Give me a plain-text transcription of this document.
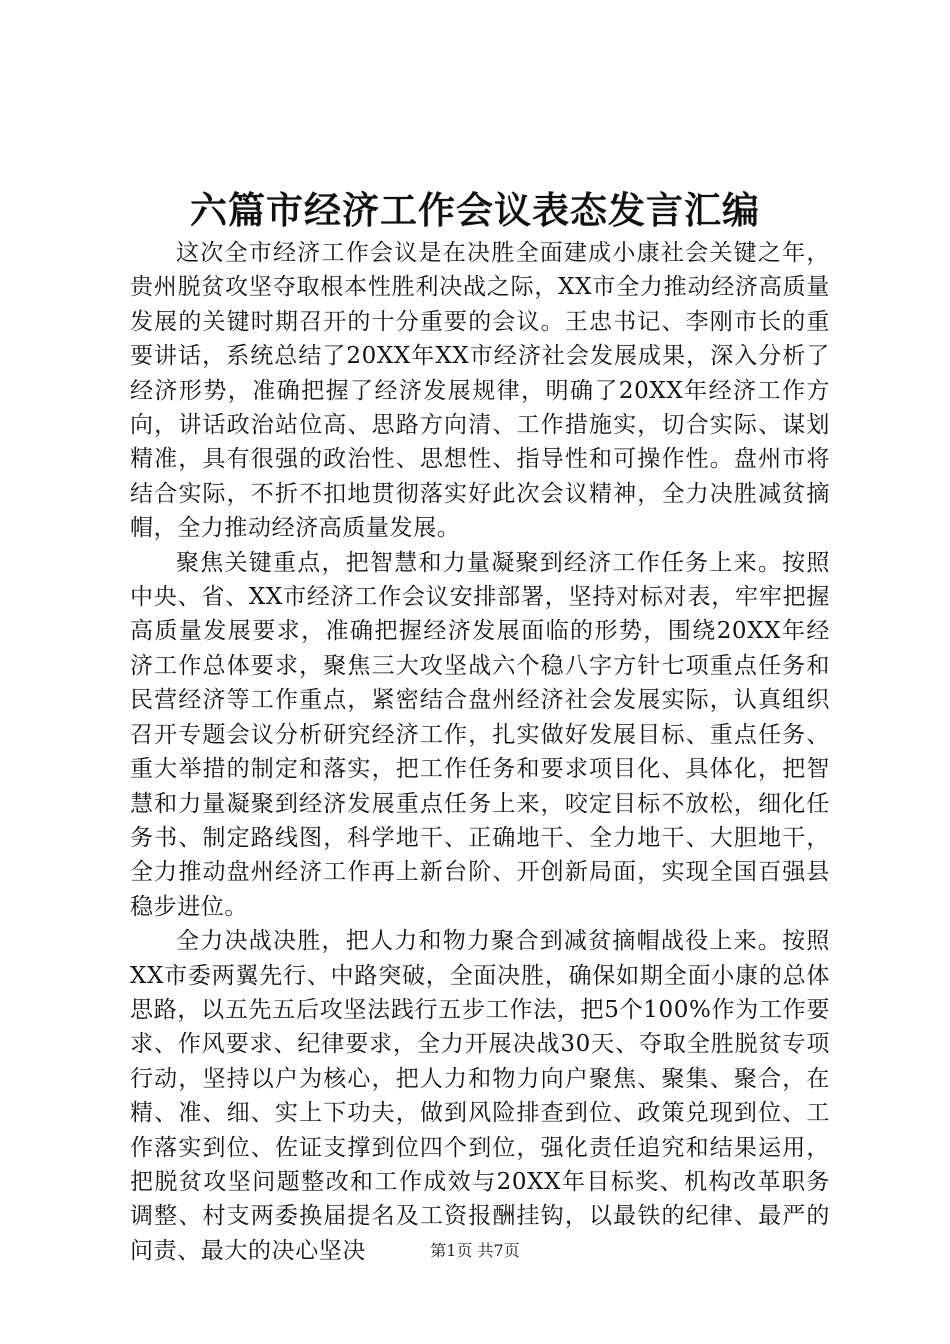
六篇市经济工作会议表态发言汇编

这次全市经济工作会议是在决胜全面建成小康社会关键之年，贵州脱贫攻坚夺取根本性胜利决战之际，XX市全力推动经济高质量发展的关键时期召开的十分重要的会议。王忠书记、李刚市长的重要讲话，系统总结了20XX年XX市经济社会发展成果，深入分析了经济形势，准确把握了经济发展规律，明确了20XX年经济工作方向，讲话政治站位高、思路方向清、工作措施实，切合实际、谋划精准，具有很强的政治性、思想性、指导性和可操作性。盘州市将结合实际，不折不扣地贯彻落实好此次会议精神，全力决胜减贫摘帽，全力推动经济高质量发展。

聚焦关键重点，把智慧和力量凝聚到经济工作任务上来。按照中央、省、XX市经济工作会议安排部署，坚持对标对表，牢牢把握高质量发展要求，准确把握经济发展面临的形势，围绕20XX年经济工作总体要求，聚焦三大攻坚战六个稳八字方针七项重点任务和民营经济等工作重点，紧密结合盘州经济社会发展实际，认真组织召开专题会议分析研究经济工作，扎实做好发展目标、重点任务、重大举措的制定和落实，把工作任务和要求项目化、具体化，把智慧和力量凝聚到经济发展重点任务上来，咬定目标不放松，细化任务书、制定路线图，科学地干、正确地干、全力地干、大胆地干，全力推动盘州经济工作再上新台阶、开创新局面，实现全国百强县稳步进位。

全力决战决胜，把人力和物力聚合到减贫摘帽战役上来。按照XX市委两翼先行、中路突破，全面决胜，确保如期全面小康的总体思路，以五先五后攻坚法践行五步工作法，把5个100%作为工作要求、作风要求、纪律要求，全力开展决战30天、夺取全胜脱贫专项行动，坚持以户为核心，把人力和物力向户聚焦、聚集、聚合，在精、准、细、实上下功夫，做到风险排查到位、政策兑现到位、工作落实到位、佐证支撑到位四个到位，强化责任追究和结果运用，把脱贫攻坚问题整改和工作成效与20XX年目标奖、机构改革职务调整、村支两委换届提名及工资报酬挂钩，以最铁的纪律、最严的问责、最大的决心坚决	第1页 共7页
